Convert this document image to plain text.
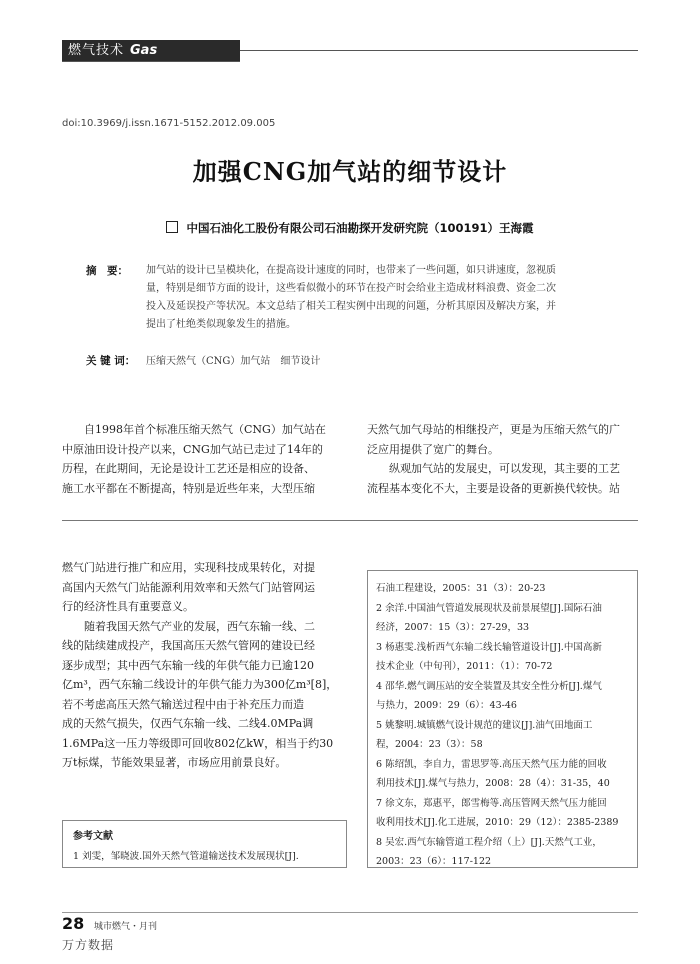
燃气技术 Gas Technology
doi:10.3969/j.issn.1671-5152.2012.09.005
加强CNG加气站的细节设计
中国石油化工股份有限公司石油勘探开发研究院（100191）王海霞
摘　要： 加气站的设计已呈模块化，在提高设计速度的同时，也带来了一些问题，如只讲速度，忽视质
量，特别是细节方面的设计，这些看似微小的环节在投产时会给业主造成材料浪费、资金二次
投入及延误投产等状况。本文总结了相关工程实例中出现的问题，分析其原因及解决方案，并
提出了杜绝类似现象发生的措施。
关 键 词： 压缩天然气（CNG）加气站　细节设计

自1998年首个标准压缩天然气（CNG）加气站在

中原油田设计投产以来，CNG加气站已走过了14年的

历程，在此期间，无论是设计工艺还是相应的设备、

施工水平都在不断提高，特别是近些年来，大型压缩

天然气加气母站的相继投产，更是为压缩天然气的广

泛应用提供了宽广的舞台。

纵观加气站的发展史，可以发现，其主要的工艺

流程基本变化不大，主要是设备的更新换代较快。站

燃气门站进行推广和应用，实现科技成果转化，对提

高国内天然气门站能源利用效率和天然气门站管网运

行的经济性具有重要意义。

随着我国天然气产业的发展，西气东输一线、二

线的陆续建成投产，我国高压天然气管网的建设已经

逐步成型；其中西气东输一线的年供气能力已逾120

亿m³，西气东输二线设计的年供气能力为300亿m³[8]，

若不考虑高压天然气输送过程中由于补充压力而造

成的天然气损失，仅西气东输一线、二线4.0MPa调

1.6MPa这一压力等级即可回收802亿kW，相当于约30

万t标煤，节能效果显著，市场应用前景良好。

参考文献
1 刘雯，邹晓波.国外天然气管道输送技术发展现状[J].
石油工程建设，2005：31（3）：20-23
2 余洋.中国油气管道发展现状及前景展望[J].国际石油
经济，2007：15（3）：27-29，33
3 杨惠雯.浅析西气东输二线长输管道设计[J].中国高新
技术企业（中旬刊），2011：（1）：70-72
4 邵华.燃气调压站的安全装置及其安全性分析[J].煤气
与热力，2009：29（6）：43-46
5 姚黎明.城镇燃气设计规范的建议[J].油气田地面工
程，2004：23（3）：58
6 陈绍凯，李自力，雷思罗等.高压天然气压力能的回收
利用技术[J].煤气与热力，2008：28（4）：31-35，40
7 徐文东，郑惠平，郎雪梅等.高压管网天然气压力能回
收利用技术[J].化工进展，2010：29（12）：2385-2389
8 吴宏.西气东输管道工程介绍（上）[J].天然气工业，
2003：23（6）：117-122
28 城市燃气・月刊
万方数据
